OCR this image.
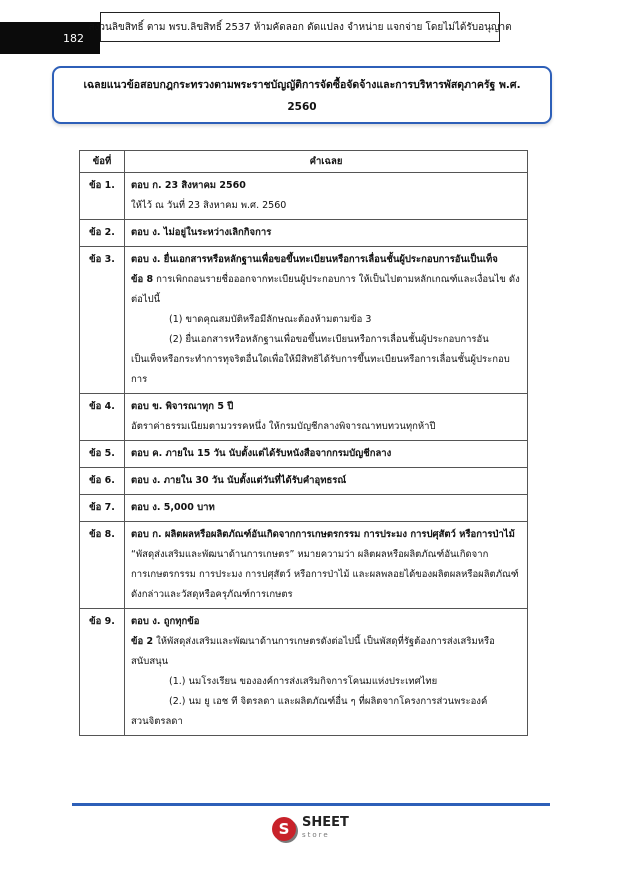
182
สงวนลิขสิทธิ์ ตาม พรบ.ลิขสิทธิ์ 2537 ห้ามคัดลอก ดัดแปลง จำหน่าย แจกจ่าย โดยไม่ได้รับอนุญาต
เฉลยแนวข้อสอบกฎกระทรวงตามพระราชบัญญัติการจัดซื้อจัดจ้างและการบริหารพัสดุภาครัฐ พ.ศ.
2560
ข้อที่	คำเฉลย
ข้อ 1.	ตอบ ก. 23 สิงหาคม 2560
ให้ไว้ ณ วันที่ 23 สิงหาคม พ.ศ. 2560

ข้อ 2.	ตอบ ง. ไม่อยู่ในระหว่างเลิกกิจการ

ข้อ 3.	ตอบ ง. ยื่นเอกสารหรือหลักฐานเพื่อขอขึ้นทะเบียนหรือการเลื่อนชั้นผู้ประกอบการอันเป็นเท็จ
ข้อ 8 การเพิกถอนรายชื่อออกจากทะเบียนผู้ประกอบการ ให้เป็นไปตามหลักเกณฑ์และเงื่อนไข ดังต่อไปนี้
(1) ขาดคุณสมบัติหรือมีลักษณะต้องห้ามตามข้อ 3
(2) ยื่นเอกสารหรือหลักฐานเพื่อขอขึ้นทะเบียนหรือการเลื่อนชั้นผู้ประกอบการอัน
เป็นเท็จหรือกระทำการทุจริตอื่นใดเพื่อให้มีสิทธิได้รับการขึ้นทะเบียนหรือการเลื่อนชั้นผู้ประกอบการ

ข้อ 4.	ตอบ ข. พิจารณาทุก 5 ปี
อัตราค่าธรรมเนียมตามวรรคหนึ่ง ให้กรมบัญชีกลางพิจารณาทบทวนทุกห้าปี

ข้อ 5.	ตอบ ค. ภายใน 15 วัน นับตั้งแต่ได้รับหนังสือจากกรมบัญชีกลาง

ข้อ 6.	ตอบ ง. ภายใน 30 วัน นับตั้งแต่วันที่ได้รับคำอุทธรณ์

ข้อ 7.	ตอบ ง. 5,000 บาท

ข้อ 8.	ตอบ ก. ผลิตผลหรือผลิตภัณฑ์อันเกิดจากการเกษตรกรรม การประมง การปศุสัตว์ หรือการป่าไม้
“พัสดุส่งเสริมและพัฒนาด้านการเกษตร” หมายความว่า ผลิตผลหรือผลิตภัณฑ์อันเกิดจากการเกษตรกรรม การประมง การปศุสัตว์ หรือการป่าไม้ และผลพลอยได้ของผลิตผลหรือผลิตภัณฑ์ดังกล่าวและวัสดุหรือครุภัณฑ์การเกษตร

ข้อ 9.	ตอบ ง. ถูกทุกข้อ
ข้อ 2 ให้พัสดุส่งเสริมและพัฒนาด้านการเกษตรดังต่อไปนี้ เป็นพัสดุที่รัฐต้องการส่งเสริมหรือสนับสนุน
(1.) นมโรงเรียน ขององค์การส่งเสริมกิจการโคนมแห่งประเทศไทย
(2.) นม ยู เอช ที จิตรลดา และผลิตภัณฑ์อื่น ๆ ที่ผลิตจากโครงการส่วนพระองค์
สวนจิตรลดา
S SHEET
store
